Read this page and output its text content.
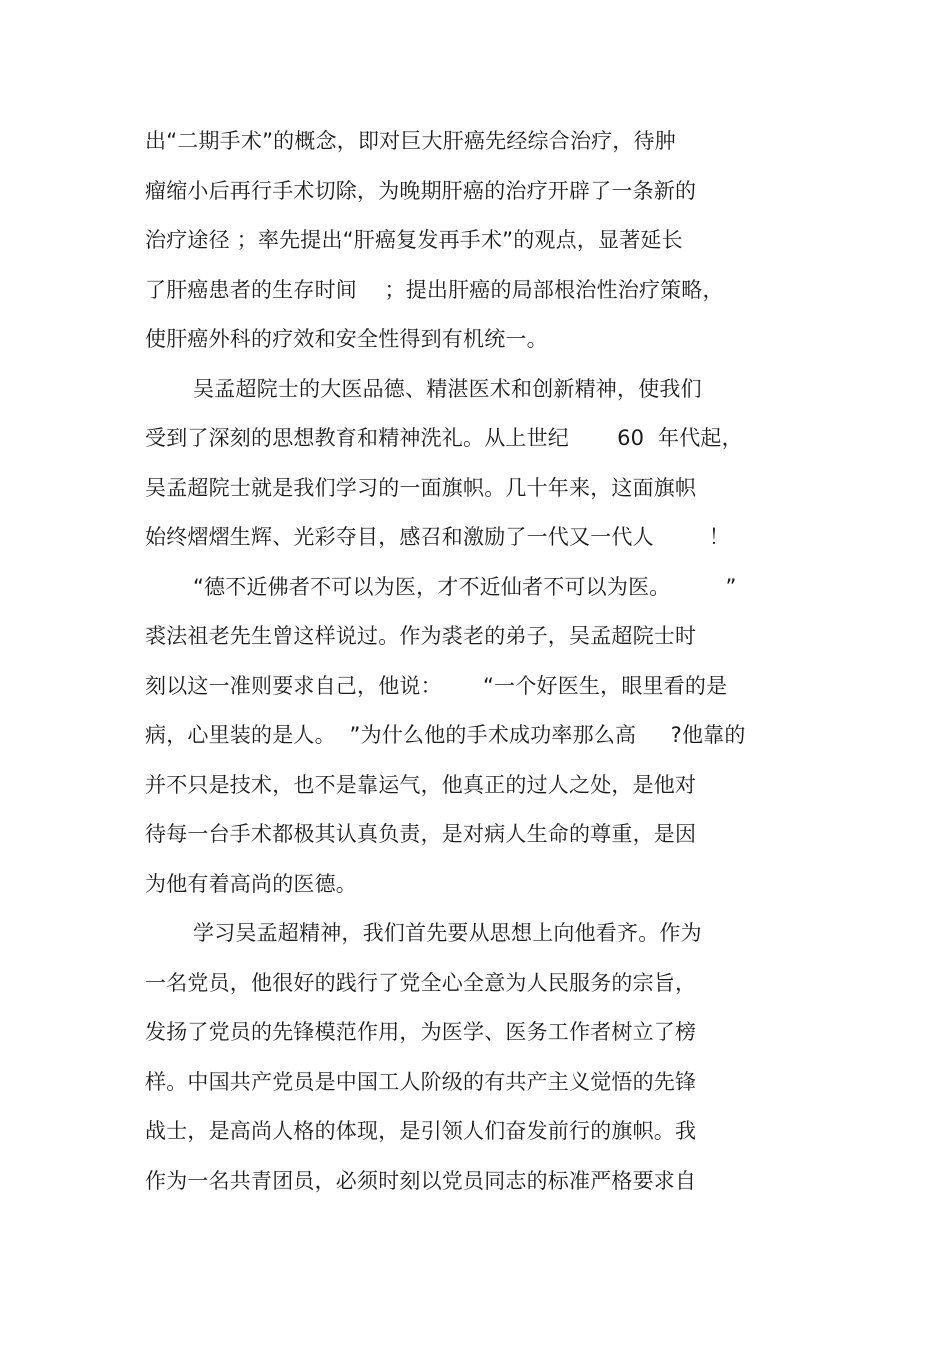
出“二期手术”的概念，即对巨大肝癌先经综合治疗，待肿
瘤缩小后再行手术切除，为晚期肝癌的治疗开辟了一条新的
治疗途径 ；率先提出“肝癌复发再手术”的观点，显著延长
了肝癌患者的生存时间    ；提出肝癌的局部根治性治疗策略，
使肝癌外科的疗效和安全性得到有机统一。
吴孟超院士的大医品德、精湛医术和创新精神，使我们
受到了深刻的思想教育和精神洗礼。从上世纪       60  年代起，
吴孟超院士就是我们学习的一面旗帜。几十年来，这面旗帜
始终熠熠生辉、光彩夺目，感召和激励了一代又一代人        ！
“德不近佛者不可以为医，才不近仙者不可以为医。        ”
裘法祖老先生曾这样说过。作为裘老的弟子，吴孟超院士时
刻以这一准则要求自己，他说：      “一个好医生，眼里看的是
病，心里装的是人。  ”为什么他的手术成功率那么高     ?他靠的
并不只是技术，也不是靠运气，他真正的过人之处，是他对
待每一台手术都极其认真负责，是对病人生命的尊重，是因
为他有着高尚的医德。
学习吴孟超精神，我们首先要从思想上向他看齐。作为
一名党员，他很好的践行了党全心全意为人民服务的宗旨，
发扬了党员的先锋模范作用，为医学、医务工作者树立了榜
样。中国共产党员是中国工人阶级的有共产主义觉悟的先锋
战士，是高尚人格的体现，是引领人们奋发前行的旗帜。我
作为一名共青团员，必须时刻以党员同志的标准严格要求自
